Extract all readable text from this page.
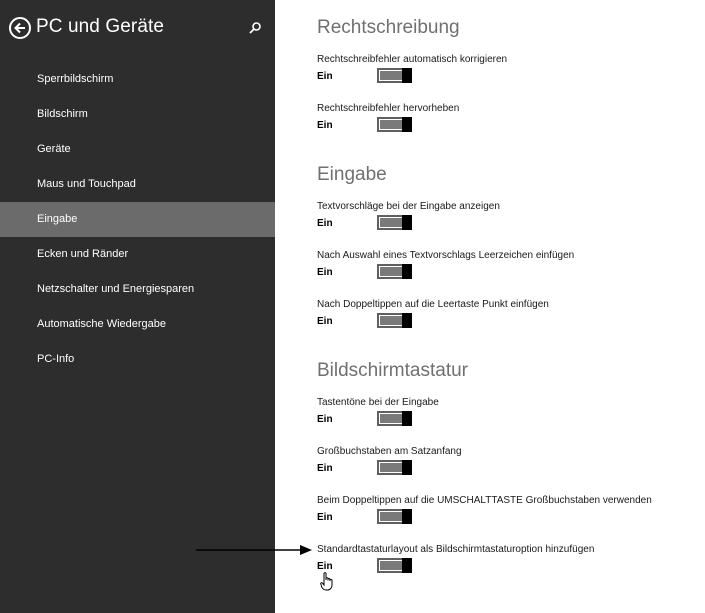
PC und Geräte
Sperrbildschirm
Bildschirm
Geräte
Maus und Touchpad
Eingabe
Ecken und Ränder
Netzschalter und Energiesparen
Automatische Wiedergabe
PC-Info
Rechtschreibung
Rechtschreibfehler automatisch korrigieren
Ein
Rechtschreibfehler hervorheben
Ein
Eingabe
Textvorschläge bei der Eingabe anzeigen
Ein
Nach Auswahl eines Textvorschlags Leerzeichen einfügen
Ein
Nach Doppeltippen auf die Leertaste Punkt einfügen
Ein
Bildschirmtastatur
Tastentöne bei der Eingabe
Ein
Großbuchstaben am Satzanfang
Ein
Beim Doppeltippen auf die UMSCHALTTASTE Großbuchstaben verwenden
Ein
Standardtastaturlayout als Bildschirmtastaturoption hinzufügen
Ein
